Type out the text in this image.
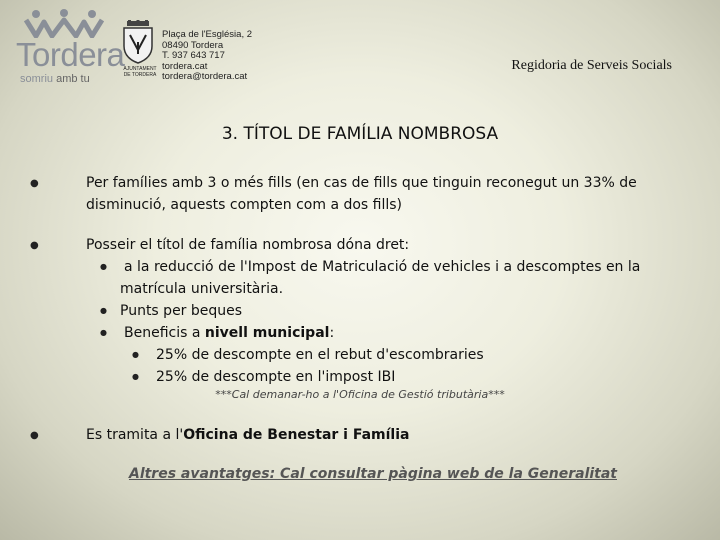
Tordera
somriu amb tu
AJUNTAMENT
DE TORDERA
Plaça de l'Església, 2
08490 Tordera
T. 937 643 717
tordera.cat
tordera@tordera.cat
Regidoria de Serveis Socials
3. TÍTOL DE FAMÍLIA NOMBROSA
●	Per famílies amb 3 o més fills (en cas de fills que tinguin reconegut un 33% de
disminució, aquests compten com a dos fills)
●	Posseir el títol de família nombrosa dóna dret:
● a la reducció de l'Impost de Matriculació de vehicles i a descomptes en la
matrícula universitària.
● Punts per beques
● Beneficis a nivell municipal:
● 25% de descompte en el rebut d'escombraries
● 25% de descompte en l'impost IBI
***Cal demanar-ho a l'Oficina de Gestió tributària***
●	Es tramita a l'Oficina de Benestar i Família
Altres avantatges: Cal consultar pàgina web de la Generalitat
